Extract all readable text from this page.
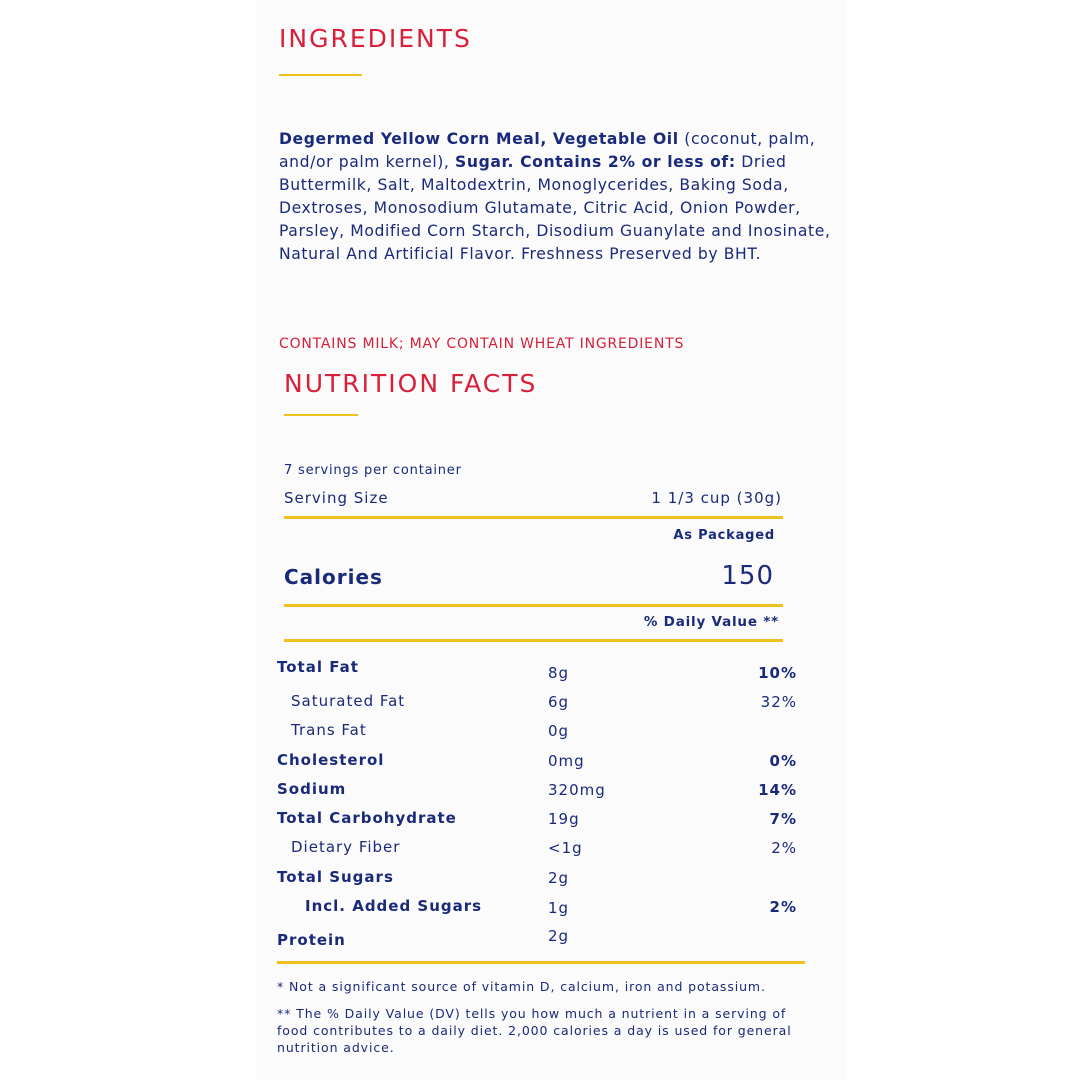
INGREDIENTS

Degermed Yellow Corn Meal, Vegetable Oil (coconut, palm, and/or palm kernel), Sugar. Contains 2% or less of: Dried Buttermilk, Salt, Maltodextrin, Monoglycerides, Baking Soda, Dextroses, Monosodium Glutamate, Citric Acid, Onion Powder, Parsley, Modified Corn Starch, Disodium Guanylate and Inosinate, Natural And Artificial Flavor. Freshness Preserved by BHT.

CONTAINS MILK; MAY CONTAIN WHEAT INGREDIENTS
NUTRITION FACTS
7 servings per container
Serving Size	1 1/3 cup (30g)
As Packaged
Calories	150
% Daily Value **
Total Fat	8g	10%
Saturated Fat	6g	32%
Trans Fat	0g
Cholesterol	0mg	0%
Sodium	320mg	14%
Total Carbohydrate	19g	7%
Dietary Fiber	<1g	2%
Total Sugars	2g
Incl. Added Sugars	1g	2%
Protein	2g

* Not a significant source of vitamin D, calcium, iron and potassium.

** The % Daily Value (DV) tells you how much a nutrient in a serving of food contributes to a daily diet. 2,000 calories a day is used for general nutrition advice.
